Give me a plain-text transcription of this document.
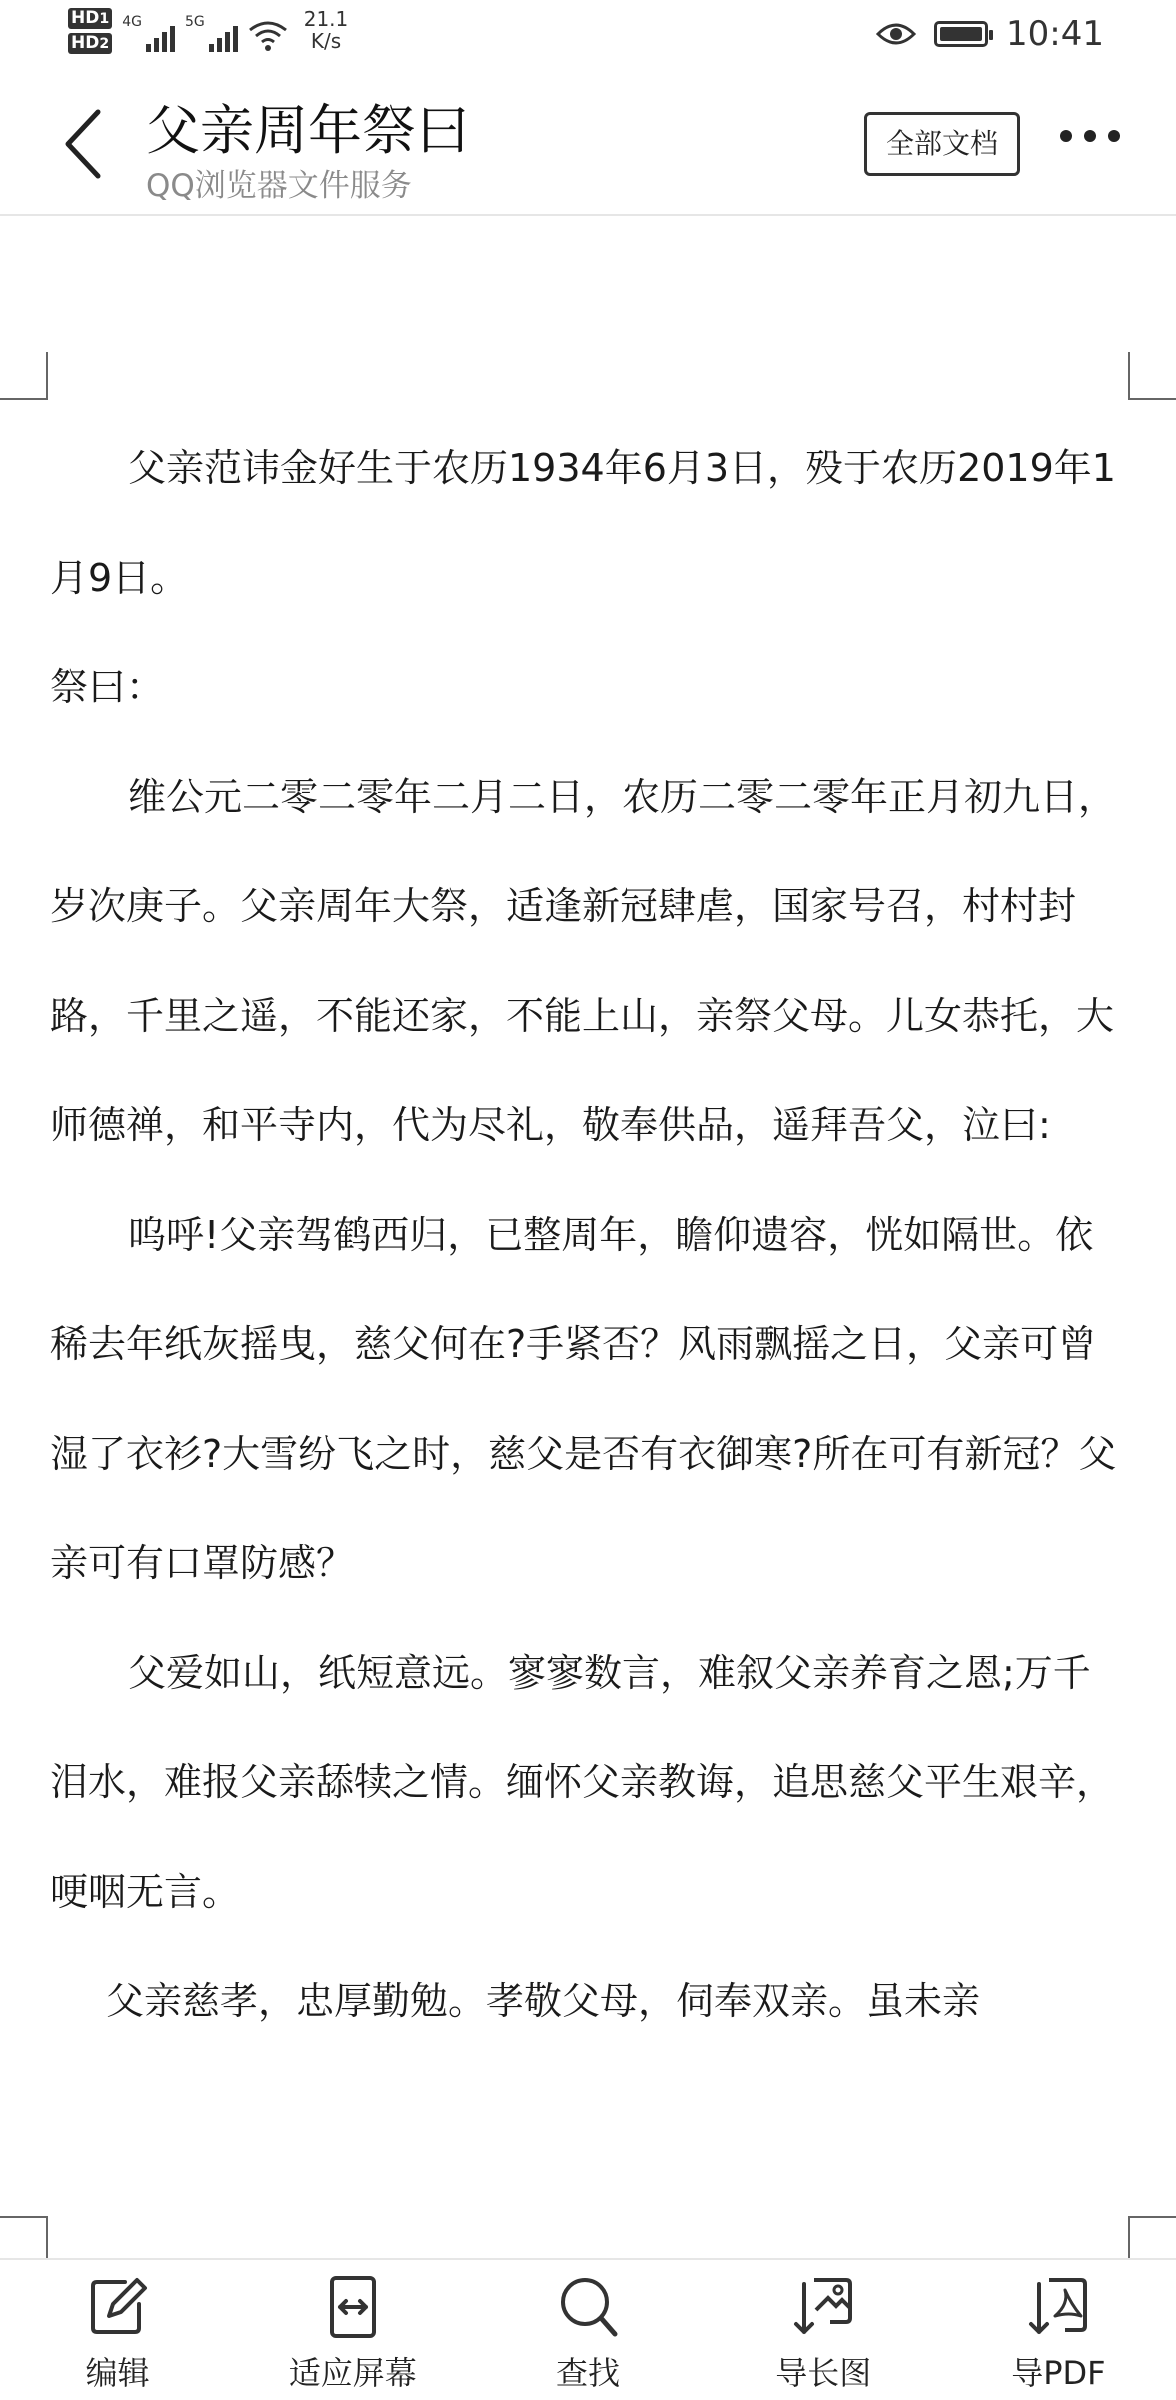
HD1
HD2
4G	5G	21.1
K/s	10:41
父亲周年祭曰
QQ浏览器文件服务
全部文档

父亲范讳金好生于农历1934年6月3日，殁于农历2019年1月9日。

祭曰：

维公元二零二零年二月二日，农历二零二零年正月初九日，岁次庚子。父亲周年大祭，适逢新冠肆虐，国家号召，村村封路，千里之遥，不能还家，不能上山，亲祭父母。儿女恭托，大师德禅，和平寺内，代为尽礼，敬奉供品，遥拜吾父，泣曰:

呜呼!父亲驾鹤西归，已整周年，瞻仰遗容，恍如隔世。依稀去年纸灰摇曳，慈父何在?手紧否？风雨飘摇之日，父亲可曾湿了衣衫?大雪纷飞之时，慈父是否有衣御寒?所在可有新冠？父亲可有口罩防感？

父爱如山，纸短意远。寥寥数言，难叙父亲养育之恩;万千泪水，难报父亲舔犊之情。缅怀父亲教诲，追思慈父平生艰辛，哽咽无言。

父亲慈孝，忠厚勤勉。孝敬父母，伺奉双亲。虽未亲

编辑	适应屏幕	查找	导长图	导PDF
